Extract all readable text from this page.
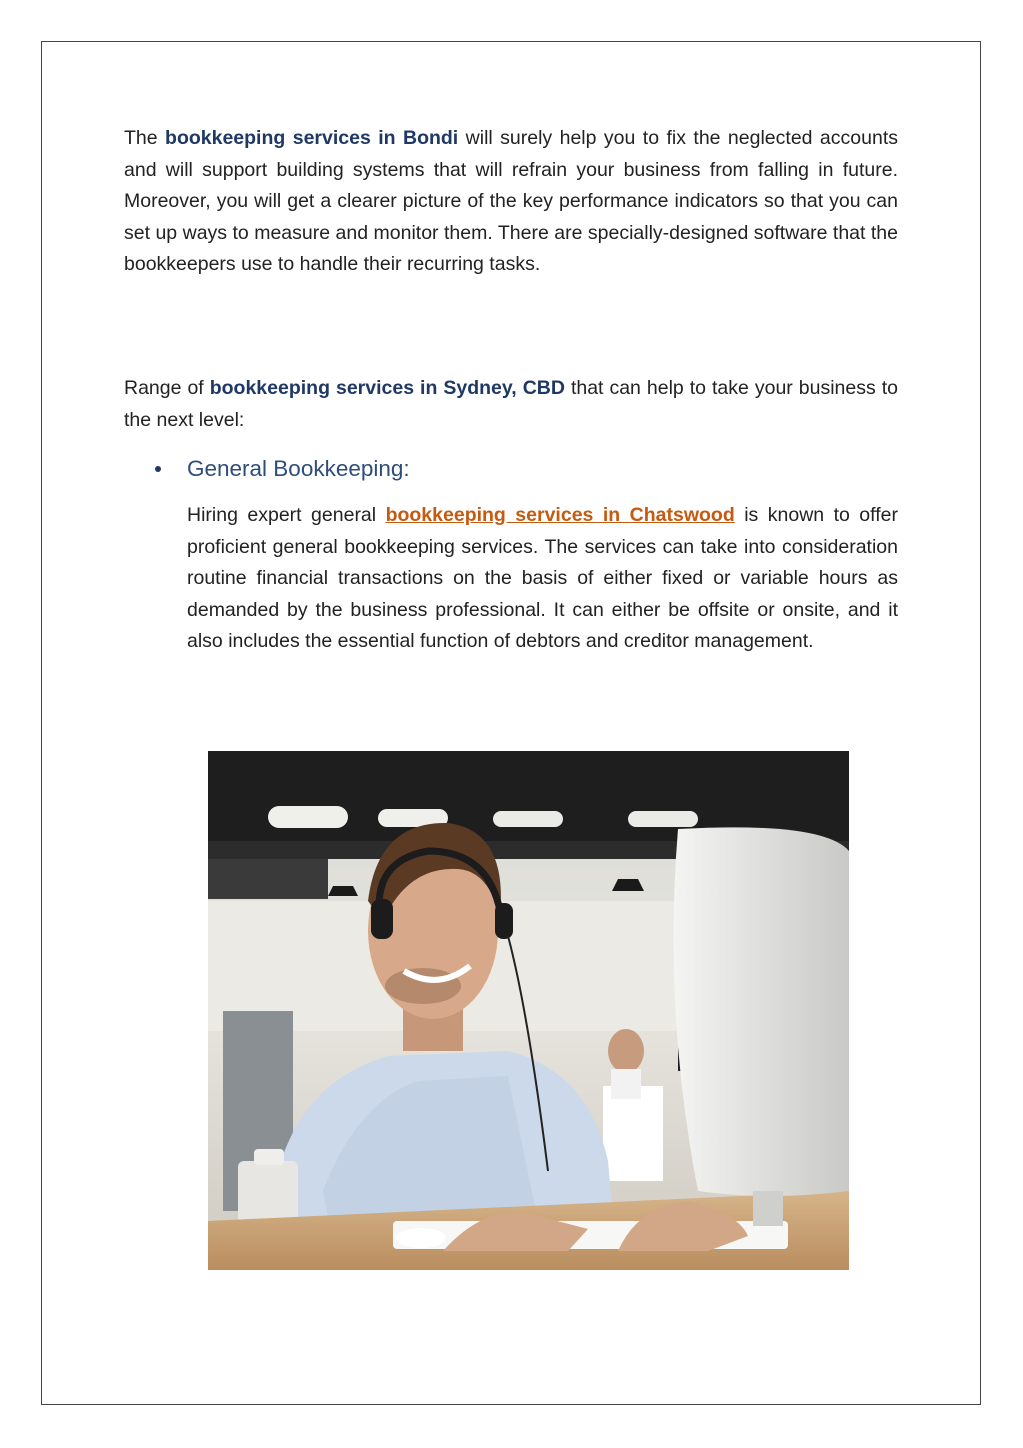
The bookkeeping services in Bondi will surely help you to fix the neglected accounts and will support building systems that will refrain your business from falling in future. Moreover, you will get a clearer picture of the key performance indicators so that you can set up ways to measure and monitor them. There are specially-designed software that the bookkeepers use to handle their recurring tasks.

Range of bookkeeping services in Sydney, CBD that can help to take your business to the next level:

General Bookkeeping:

Hiring expert general bookkeeping services in Chatswood is known to offer proficient general bookkeeping services. The services can take into consideration routine financial transactions on the basis of either fixed or variable hours as demanded by the business professional. It can either be offsite or onsite, and it also includes the essential function of debtors and creditor management.
